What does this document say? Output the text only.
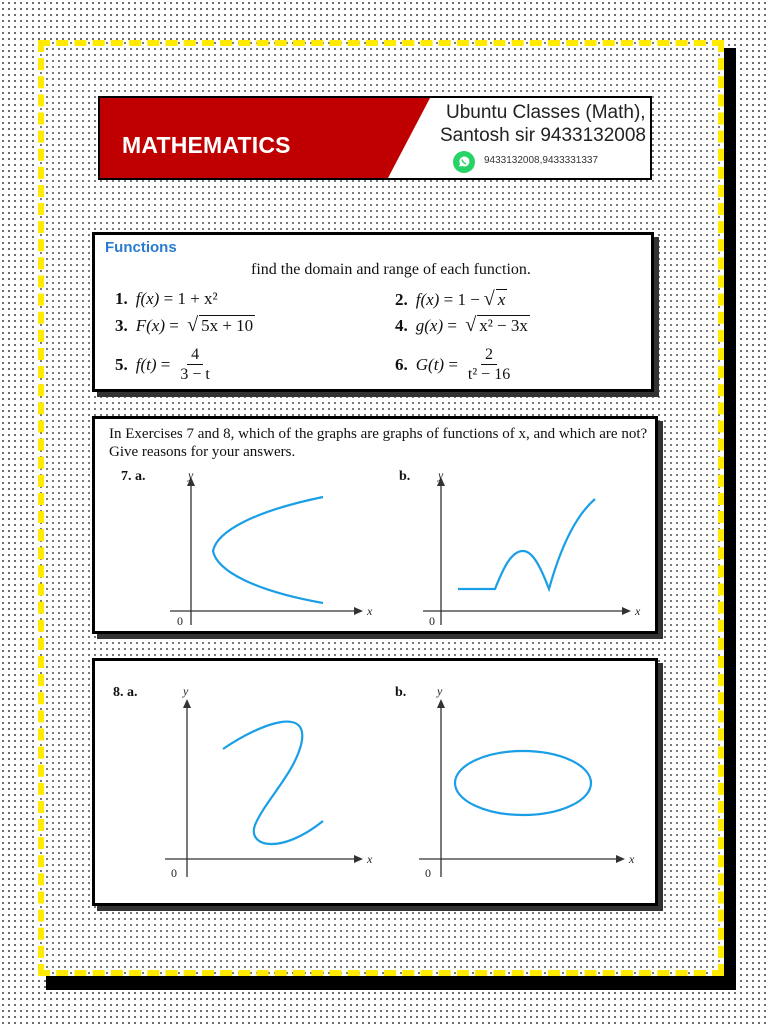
MATHEMATICS
Ubuntu Classes (Math),
Santosh sir 9433132008
9433132008,9433331337
Functions
find the domain and range of each function.
1. f(x) = 1 + x²	2. f(x) = 1 − √ x
3. F(x) = √ 5x + 10	4. g(x) = √ x² − 3x
5. $f(t) = \frac{4}{3 - t}$	6. $G(t) = \frac{2}{\text{t² − 16}}$
In Exercises 7 and 8, which of the graphs are graphs of functions of x, and which are not? Give reasons for your answers.
7. a.	b.
y
x
0
y
x
0
8. a.	b.
y
x
0
y
x
0
